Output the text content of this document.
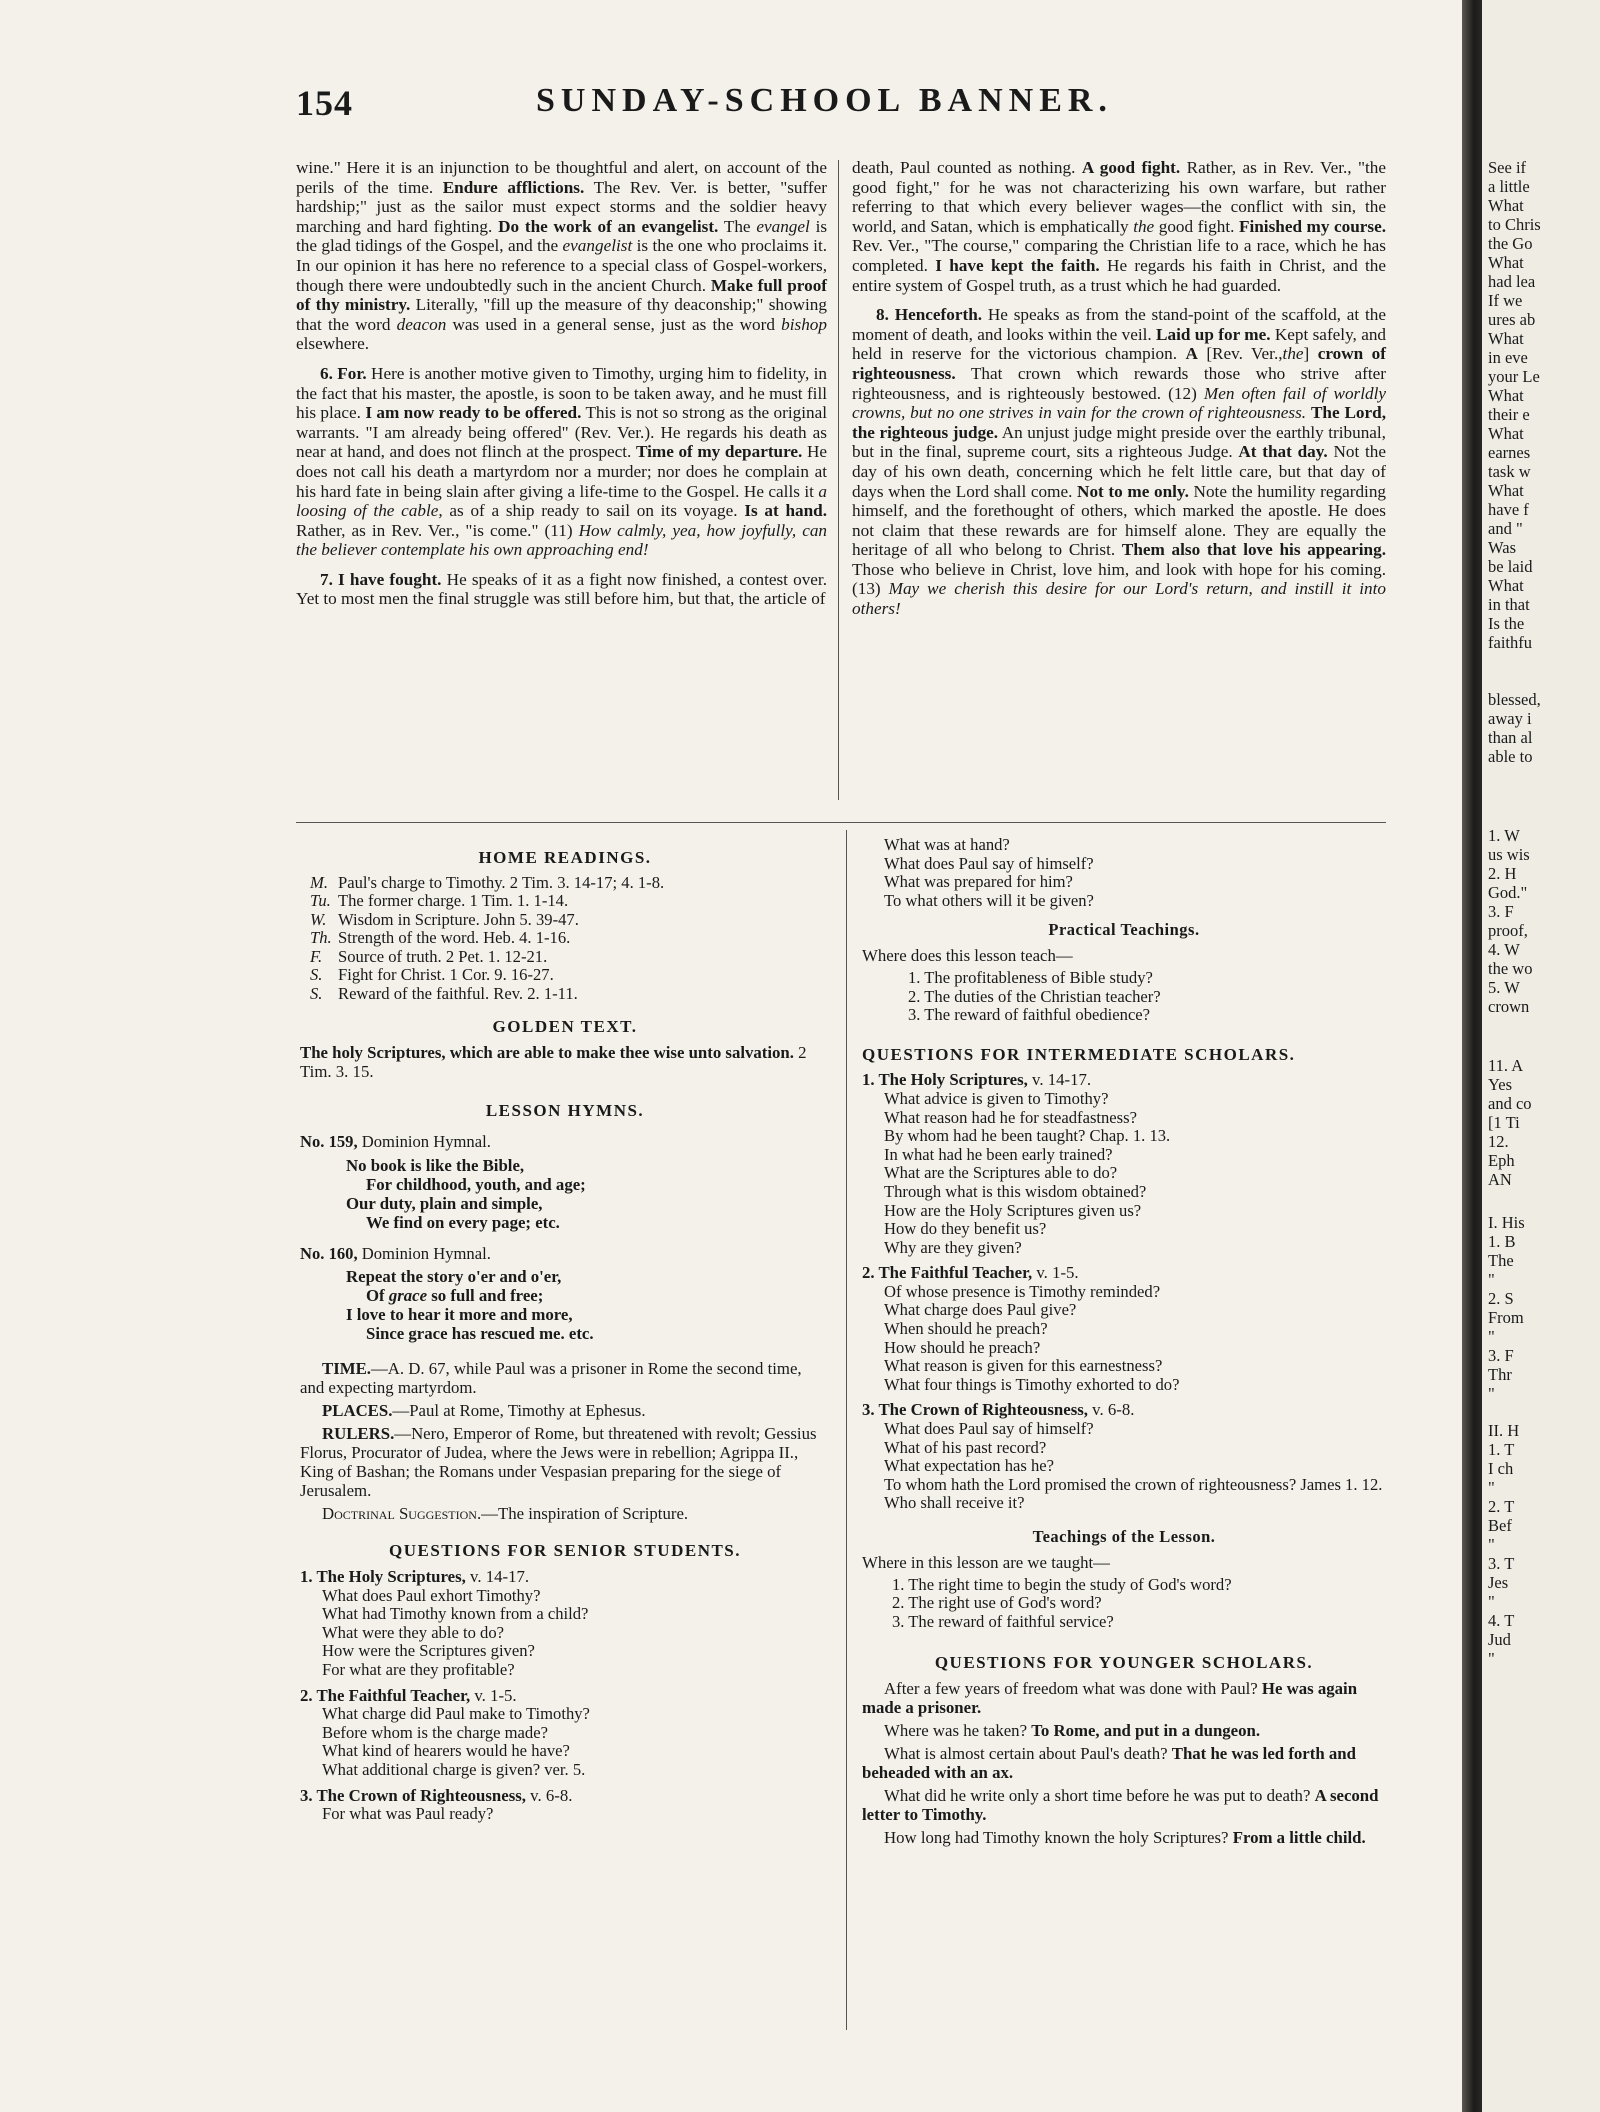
154	SUNDAY-SCHOOL BANNER.

wine." Here it is an injunction to be thoughtful and alert, on account of the perils of the time. Endure afflictions. The Rev. Ver. is better, "suffer hardship;" just as the sailor must expect storms and the soldier heavy marching and hard fighting. Do the work of an evangelist. The evangel is the glad tidings of the Gospel, and the evangelist is the one who proclaims it. In our opinion it has here no reference to a special class of Gospel-workers, though there were undoubtedly such in the ancient Church. Make full proof of thy ministry. Literally, "fill up the measure of thy deaconship;" showing that the word deacon was used in a general sense, just as the word bishop elsewhere.

6. For. Here is another motive given to Timothy, urging him to fidelity, in the fact that his master, the apostle, is soon to be taken away, and he must fill his place. I am now ready to be offered. This is not so strong as the original warrants. "I am already being offered" (Rev. Ver.). He regards his death as near at hand, and does not flinch at the prospect. Time of my departure. He does not call his death a martyrdom nor a murder; nor does he complain at his hard fate in being slain after giving a life-time to the Gospel. He calls it a loosing of the cable, as of a ship ready to sail on its voyage. Is at hand. Rather, as in Rev. Ver., "is come." (11) How calmly, yea, how joyfully, can the believer contemplate his own approaching end!

7. I have fought. He speaks of it as a fight now finished, a contest over. Yet to most men the final struggle was still before him, but that, the article of

death, Paul counted as nothing. A good fight. Rather, as in Rev. Ver., "the good fight," for he was not characterizing his own warfare, but rather referring to that which every believer wages—the conflict with sin, the world, and Satan, which is emphatically the good fight. Finished my course. Rev. Ver., "The course," comparing the Christian life to a race, which he has completed. I have kept the faith. He regards his faith in Christ, and the entire system of Gospel truth, as a trust which he had guarded.

8. Henceforth. He speaks as from the stand-point of the scaffold, at the moment of death, and looks within the veil. Laid up for me. Kept safely, and held in reserve for the victorious champion. A [Rev. Ver.,the] crown of righteousness. That crown which rewards those who strive after righteousness, and is righteously bestowed. (12) Men often fail of worldly crowns, but no one strives in vain for the crown of righteousness. The Lord, the righteous judge. An unjust judge might preside over the earthly tribunal, but in the final, supreme court, sits a righteous Judge. At that day. Not the day of his own death, concerning which he felt little care, but that day of days when the Lord shall come. Not to me only. Note the humility regarding himself, and the forethought of others, which marked the apostle. He does not claim that these rewards are for himself alone. They are equally the heritage of all who belong to Christ. Them also that love his appearing. Those who believe in Christ, love him, and look with hope for his coming. (13) May we cherish this desire for our Lord's return, and instill it into others!

HOME READINGS.
M. Paul's charge to Timothy. 2 Tim. 3. 14-17; 4. 1-8.
Tu. The former charge. 1 Tim. 1. 1-14.
W. Wisdom in Scripture. John 5. 39-47.
Th. Strength of the word. Heb. 4. 1-16.
F. Source of truth. 2 Pet. 1. 12-21.
S. Fight for Christ. 1 Cor. 9. 16-27.
S. Reward of the faithful. Rev. 2. 1-11.
GOLDEN TEXT.
The holy Scriptures, which are able to make thee wise unto salvation. 2 Tim. 3. 15.
LESSON HYMNS.
No. 159, Dominion Hymnal.
No book is like the Bible,
For childhood, youth, and age;
Our duty, plain and simple,
We find on every page; etc.
No. 160, Dominion Hymnal.
Repeat the story o'er and o'er,
Of grace so full and free;
I love to hear it more and more,
Since grace has rescued me. etc.
TIME.—A. D. 67, while Paul was a prisoner in Rome the second time, and expecting martyrdom.
PLACES.—Paul at Rome, Timothy at Ephesus.
RULERS.—Nero, Emperor of Rome, but threatened with revolt; Gessius Florus, Procurator of Judea, where the Jews were in rebellion; Agrippa II., King of Bashan; the Romans under Vespasian preparing for the siege of Jerusalem.
Doctrinal Suggestion.—The inspiration of Scripture.
QUESTIONS FOR SENIOR STUDENTS.
1. The Holy Scriptures, v. 14-17.
What does Paul exhort Timothy?
What had Timothy known from a child?
What were they able to do?
How were the Scriptures given?
For what are they profitable?
2. The Faithful Teacher, v. 1-5.
What charge did Paul make to Timothy?
Before whom is the charge made?
What kind of hearers would he have?
What additional charge is given? ver. 5.
3. The Crown of Righteousness, v. 6-8.
For what was Paul ready?
What was at hand?
What does Paul say of himself?
What was prepared for him?
To what others will it be given?
Practical Teachings.
Where does this lesson teach—
1. The profitableness of Bible study?
2. The duties of the Christian teacher?
3. The reward of faithful obedience?
QUESTIONS FOR INTERMEDIATE SCHOLARS.
1. The Holy Scriptures, v. 14-17.
What advice is given to Timothy?
What reason had he for steadfastness?
By whom had he been taught? Chap. 1. 13.
In what had he been early trained?
What are the Scriptures able to do?
Through what is this wisdom obtained?
How are the Holy Scriptures given us?
How do they benefit us?
Why are they given?
2. The Faithful Teacher, v. 1-5.
Of whose presence is Timothy reminded?
What charge does Paul give?
When should he preach?
How should he preach?
What reason is given for this earnestness?
What four things is Timothy exhorted to do?
3. The Crown of Righteousness, v. 6-8.
What does Paul say of himself?
What of his past record?
What expectation has he?
To whom hath the Lord promised the crown of righteousness? James 1. 12.
Who shall receive it?
Teachings of the Lesson.
Where in this lesson are we taught—
1. The right time to begin the study of God's word?
2. The right use of God's word?
3. The reward of faithful service?
QUESTIONS FOR YOUNGER SCHOLARS.
After a few years of freedom what was done with Paul? He was again made a prisoner.
Where was he taken? To Rome, and put in a dungeon.
What is almost certain about Paul's death? That he was led forth and beheaded with an ax.
What did he write only a short time before he was put to death? A second letter to Timothy.
How long had Timothy known the holy Scriptures? From a little child.
See if
a little
What
to Chris
the Go
What
had lea
If we
ures ab
What
in eve
your Le
What
their e
What
earnes
task w
What
have f
and "
Was
be laid
What
in that
Is the
faithfu
blessed,
away i
than al
able to
1. W
us wis
2. H
God."
3. F
proof,
4. W
the wo
5. W
crown
11. A
Yes
and co
[1 Ti
12.
Eph
AN
I. His
1. B
The
"
2. S
From
"
3. F
Thr
"
II. H
1. T
I ch
"
2. T
Bef
"
3. T
Jes
"
4. T
Jud
"
